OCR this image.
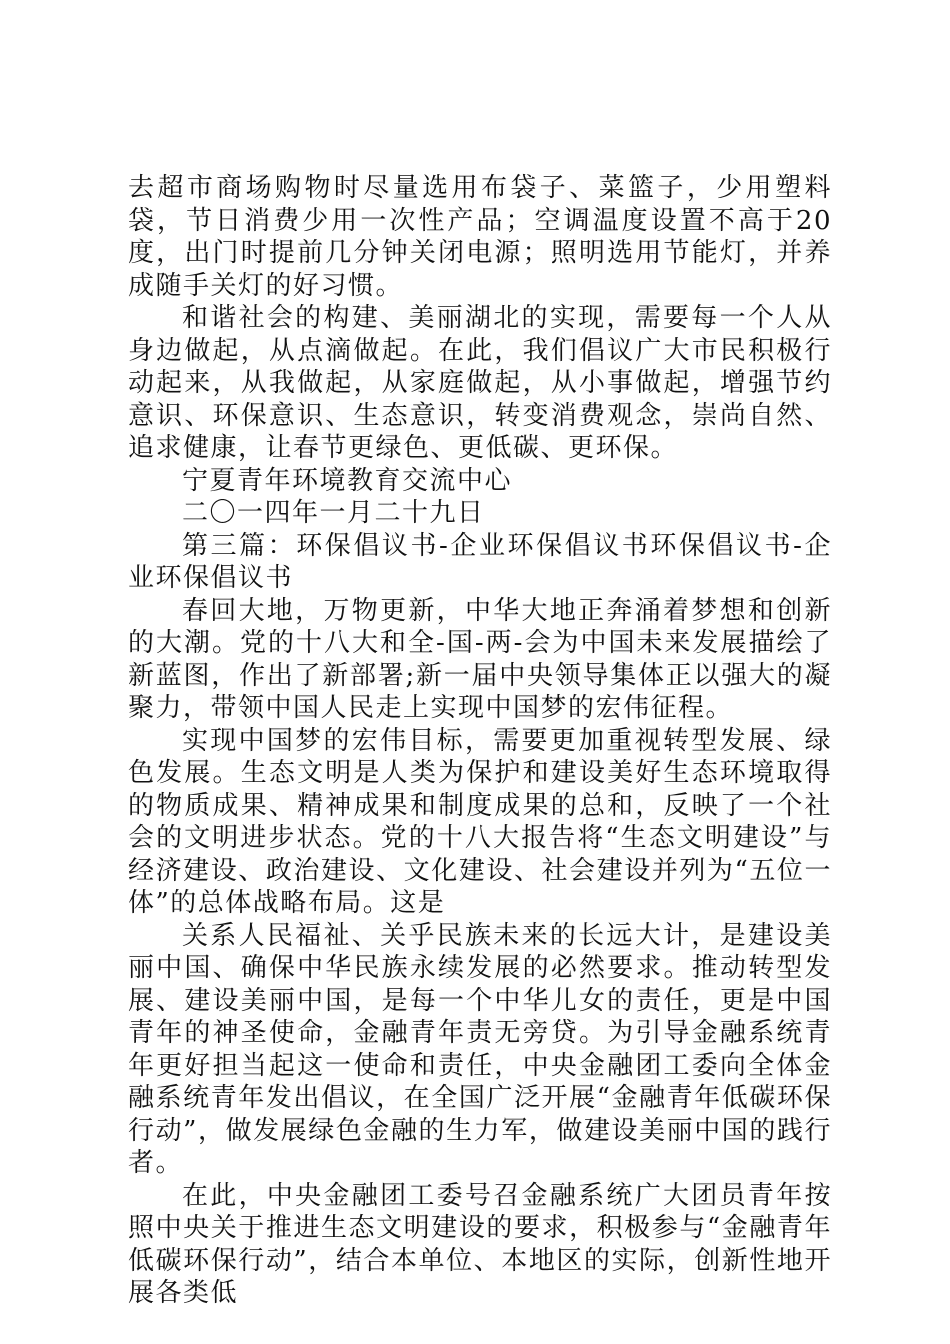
去超市商场购物时尽量选用布袋子、菜篮子，少用塑料袋，节日消费少用一次性产品；空调温度设置不高于20度，出门时提前几分钟关闭电源；照明选用节能灯，并养成随手关灯的好习惯。

和谐社会的构建、美丽湖北的实现，需要每一个人从身边做起，从点滴做起。在此，我们倡议广大市民积极行动起来，从我做起，从家庭做起，从小事做起，增强节约意识、环保意识、生态意识，转变消费观念，崇尚自然、追求健康，让春节更绿色、更低碳、更环保。

宁夏青年环境教育交流中心

二〇一四年一月二十九日

第三篇：环保倡议书-企业环保倡议书环保倡议书-企业环保倡议书

春回大地，万物更新，中华大地正奔涌着梦想和创新的大潮。党的十八大和全-国-两-会为中国未来发展描绘了新蓝图，作出了新部署;新一届中央领导集体正以强大的凝聚力，带领中国人民走上实现中国梦的宏伟征程。

实现中国梦的宏伟目标，需要更加重视转型发展、绿色发展。生态文明是人类为保护和建设美好生态环境取得的物质成果、精神成果和制度成果的总和，反映了一个社会的文明进步状态。党的十八大报告将“生态文明建设”与经济建设、政治建设、文化建设、社会建设并列为“五位一体”的总体战略布局。这是

关系人民福祉、关乎民族未来的长远大计，是建设美丽中国、确保中华民族永续发展的必然要求。推动转型发展、建设美丽中国，是每一个中华儿女的责任，更是中国青年的神圣使命，金融青年责无旁贷。为引导金融系统青年更好担当起这一使命和责任，中央金融团工委向全体金融系统青年发出倡议，在全国广泛开展“金融青年低碳环保行动”，做发展绿色金融的生力军，做建设美丽中国的践行者。

在此，中央金融团工委号召金融系统广大团员青年按照中央关于推进生态文明建设的要求，积极参与“金融青年低碳环保行动”，结合本单位、本地区的实际，创新性地开展各类低
